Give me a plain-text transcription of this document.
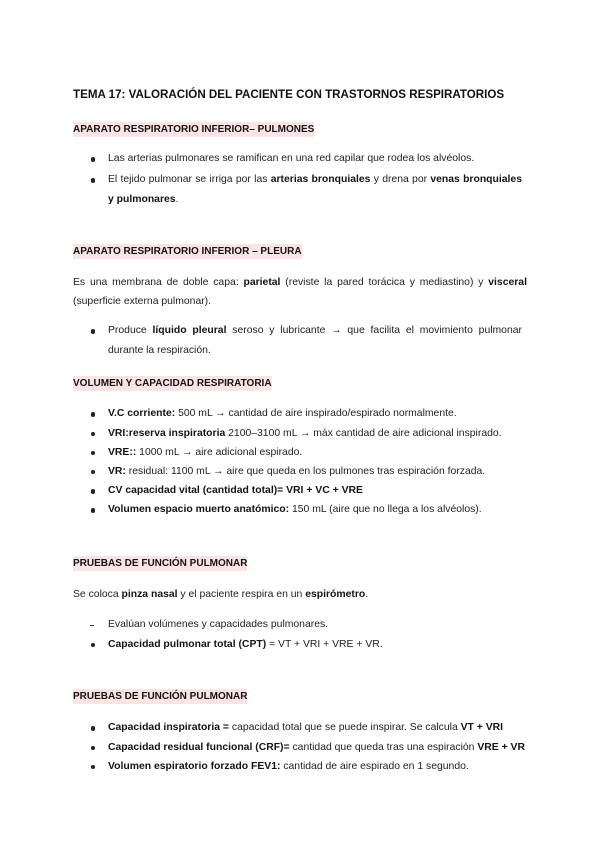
TEMA 17: VALORACIÓN DEL PACIENTE CON TRASTORNOS RESPIRATORIOS
APARATO RESPIRATORIO INFERIOR– PULMONES
Las arterias pulmonares se ramifican en una red capilar que rodea los alvéolos.
El tejido pulmonar se irriga por las arterias bronquiales y drena por venas bronquiales y pulmonares.
APARATO RESPIRATORIO INFERIOR – PLEURA

Es una membrana de doble capa: parietal (reviste la pared torácica y mediastino) y visceral (superficie externa pulmonar).

Produce líquido pleural seroso y lubricante → que facilita el movimiento pulmonar durante la respiración.
VOLUMEN Y CAPACIDAD RESPIRATORIA
V.C corriente: 500 mL → cantidad de aire inspirado/espirado normalmente.
VRI:reserva inspiratoria 2100–3100 mL → máx cantidad de aire adicional inspirado.
VRE:: 1000 mL → aire adicional espirado.
VR: residual: 1100 mL → aire que queda en los pulmones tras espiración forzada.
CV capacidad vital (cantidad total)= VRI + VC + VRE
Volumen espacio muerto anatómico: 150 mL (aire que no llega a los alvéolos).
PRUEBAS DE FUNCIÓN PULMONAR

Se coloca pinza nasal y el paciente respira en un espirómetro.

Evalúan volúmenes y capacidades pulmonares.
Capacidad pulmonar total (CPT) = VT + VRI + VRE + VR.
PRUEBAS DE FUNCIÓN PULMONAR
Capacidad inspiratoria = capacidad total que se puede inspirar. Se calcula VT + VRI
Capacidad residual funcional (CRF)= cantidad que queda tras una espiración VRE + VR
Volumen espiratorio forzado FEV1: cantidad de aire espirado en 1 segundo.
